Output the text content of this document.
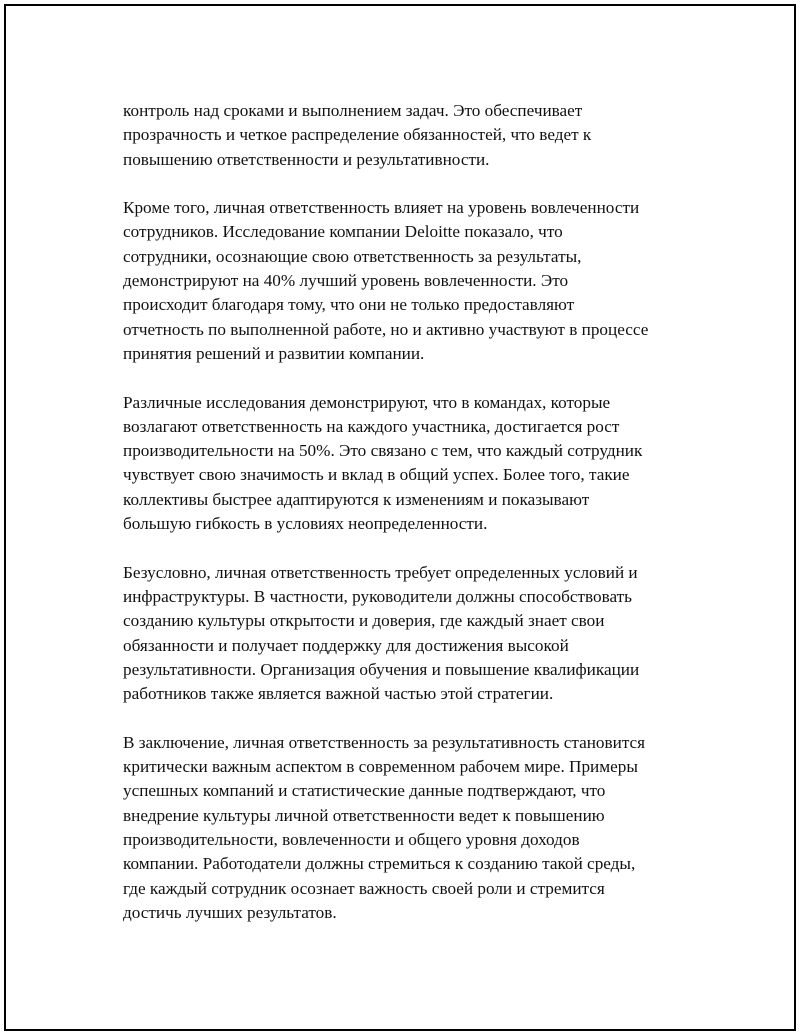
контроль над сроками и выполнением задач. Это обеспечивает
прозрачность и четкое распределение обязанностей, что ведет к
повышению ответственности и результативности.

Кроме того, личная ответственность влияет на уровень вовлеченности
сотрудников. Исследование компании Deloitte показало, что
сотрудники, осознающие свою ответственность за результаты,
демонстрируют на 40% лучший уровень вовлеченности. Это
происходит благодаря тому, что они не только предоставляют
отчетность по выполненной работе, но и активно участвуют в процессе
принятия решений и развитии компании.

Различные исследования демонстрируют, что в командах, которые
возлагают ответственность на каждого участника, достигается рост
производительности на 50%. Это связано с тем, что каждый сотрудник
чувствует свою значимость и вклад в общий успех. Более того, такие
коллективы быстрее адаптируются к изменениям и показывают
большую гибкость в условиях неопределенности.

Безусловно, личная ответственность требует определенных условий и
инфраструктуры. В частности, руководители должны способствовать
созданию культуры открытости и доверия, где каждый знает свои
обязанности и получает поддержку для достижения высокой
результативности. Организация обучения и повышение квалификации
работников также является важной частью этой стратегии.

В заключение, личная ответственность за результативность становится
критически важным аспектом в современном рабочем мире. Примеры
успешных компаний и статистические данные подтверждают, что
внедрение культуры личной ответственности ведет к повышению
производительности, вовлеченности и общего уровня доходов
компании. Работодатели должны стремиться к созданию такой среды,
где каждый сотрудник осознает важность своей роли и стремится
достичь лучших результатов.
